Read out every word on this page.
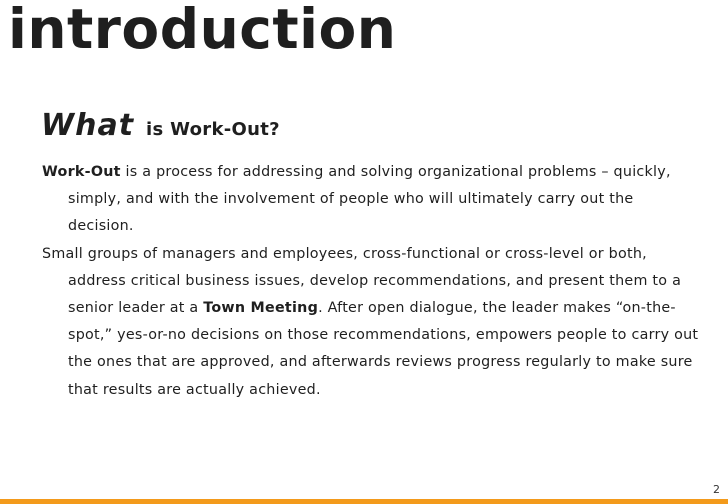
introduction
What is Work-Out?

Work-Out is a process for addressing and solving organizational problems – quickly, simply, and with the involvement of people who will ultimately carry out the decision.

Small groups of managers and employees, cross-functional or cross-level or both, address critical business issues, develop recommendations, and present them to a senior leader at a Town Meeting. After open dialogue, the leader makes “on-the-spot,” yes-or-no decisions on those recommendations, empowers people to carry out the ones that are approved, and afterwards reviews progress regularly to make sure that results are actually achieved.

2
